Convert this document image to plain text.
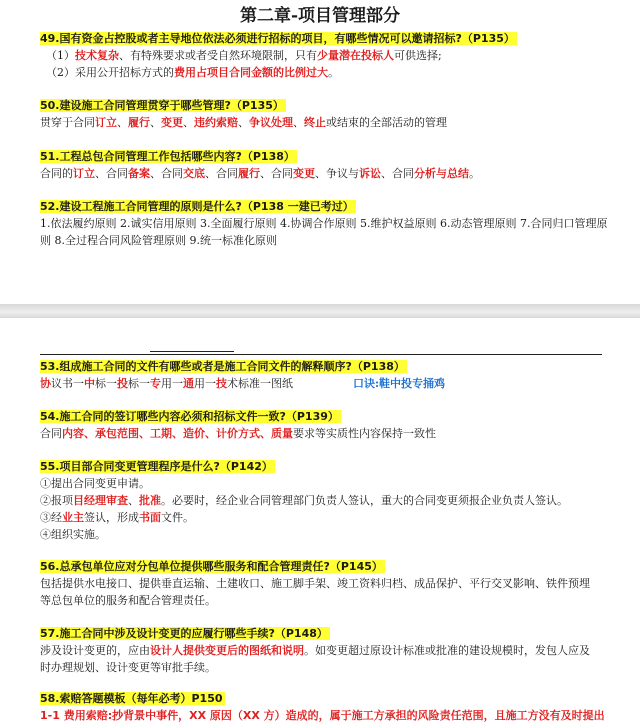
第二章-项目管理部分
49.国有资金占控股或者主导地位依法必须进行招标的项目，有哪些情况可以邀请招标?（P135）
（1）技术复杂、有特殊要求或者受自然环境限制，只有少量潜在投标人可供选择;
（2）采用公开招标方式的费用占项目合同金额的比例过大。
50.建设施工合同管理贯穿于哪些管理?（P135）
贯穿于合同订立、履行、变更、违约索赔、争议处理、终止或结束的全部活动的管理
51.工程总包合同管理工作包括哪些内容?（P138）
合同的订立、合同备案、合同交底、合同履行、合同变更、争议与诉讼、合同分析与总结。
52.建设工程施工合同管理的原则是什么?（P138 一建已考过）
1.依法履约原则 2.诚实信用原则 3.全面履行原则 4.协调合作原则 5.维护权益原则 6.动态管理原则 7.合同归口管理原
则 8.全过程合同风险管理原则 9.统一标准化原则
53.组成施工合同的文件有哪些或者是施工合同文件的解释顺序?（P138）
协议书一中标一投标一专用一通用一技术标准一图纸	口诀:鞋中投专捅鸡
54.施工合同的签订哪些内容必须和招标文件一致?（P139）
合同内容、承包范围、工期、造价、计价方式、质量要求等实质性内容保持一致性
55.项目部合同变更管理程序是什么?（P142）
①提出合同变更申请。
②报项目经理审查、批准。必要时，经企业合同管理部门负责人签认，重大的合同变更须报企业负责人签认。
③经业主签认，形成书面文件。
④组织实施。
56.总承包单位应对分包单位提供哪些服务和配合管理责任?（P145）
包括提供水电接口、提供垂直运输、土建收口、施工脚手架、竣工资料归档、成品保护、平行交叉影响、铁件预埋
等总包单位的服务和配合管理责任。
57.施工合同中涉及设计变更的应履行哪些手续?（P148）
涉及设计变更的，应由设计人提供变更后的图纸和说明。如变更超过原设计标准或批准的建设规模时，发包人应及
时办理规划、设计变更等审批手续。
58.索赔答题模板（每年必考）P150
1-1 费用索赔:抄背景中事件，XX 原因（XX 方）造成的，属于施工方承担的风险责任范围，且施工方没有及时提出
